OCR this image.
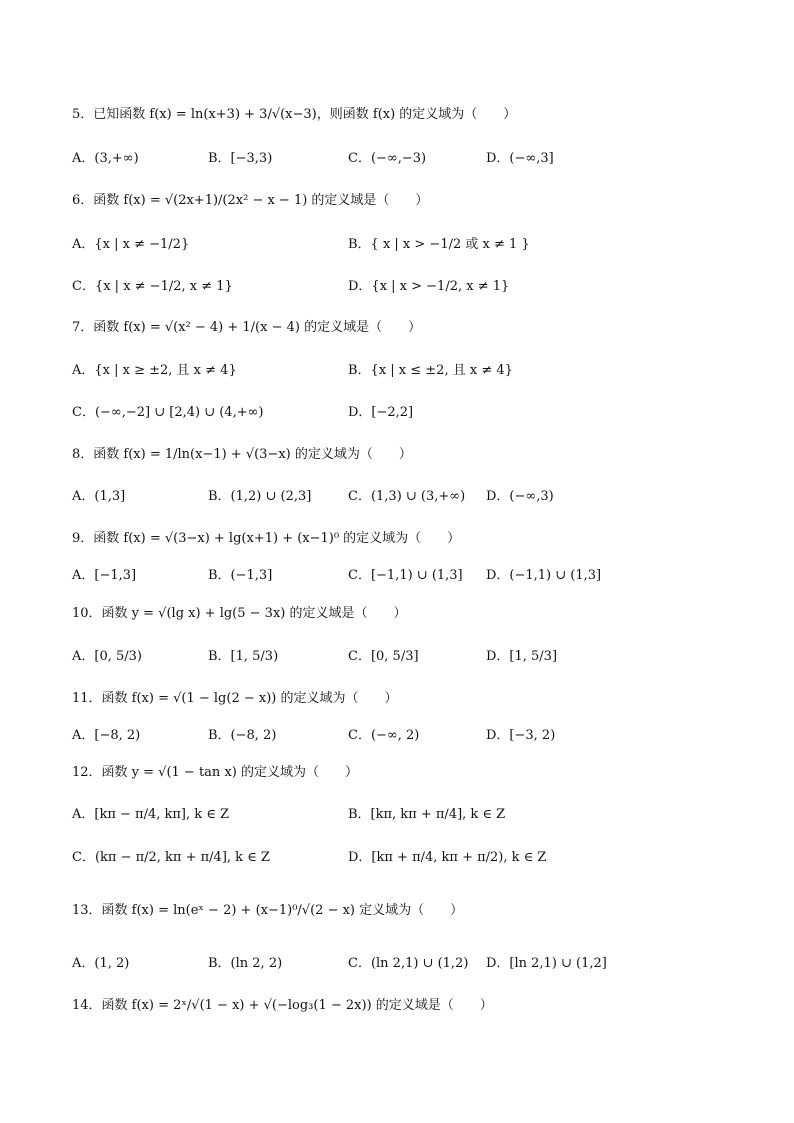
5．已知函数 f(x) = ln(x+3) + 3/√(x−3)，则函数 f(x) 的定义域为（　　）
A．(3,+∞)	B．[−3,3)	C．(−∞,−3)	D．(−∞,3]
6．函数 f(x) = √(2x+1)/(2x² − x − 1) 的定义域是（　　）
A．{x | x ≠ −1/2}	B．{ x | x > −1/2 或 x ≠ 1 }
C．{x | x ≠ −1/2, x ≠ 1}	D．{x | x > −1/2, x ≠ 1}
7．函数 f(x) = √(x² − 4) + 1/(x − 4) 的定义域是（　　）
A．{x | x ≥ ±2, 且 x ≠ 4}	B．{x | x ≤ ±2, 且 x ≠ 4}
C．(−∞,−2] ∪ [2,4) ∪ (4,+∞)	D．[−2,2]
8．函数 f(x) = 1/ln(x−1) + √(3−x) 的定义域为（　　）
A．(1,3]	B．(1,2) ∪ (2,3]	C．(1,3) ∪ (3,+∞) D．(−∞,3)
9．函数 f(x) = √(3−x) + lg(x+1) + (x−1)⁰ 的定义域为（　　）
A．[−1,3]	B．(−1,3]	C．[−1,1) ∪ (1,3] D．(−1,1) ∪ (1,3]
10．函数 y = √(lg x) + lg(5 − 3x) 的定义域是（　　）
A．[0, 5/3)	B．[1, 5/3)	C．[0, 5/3]	D．[1, 5/3]
11．函数 f(x) = √(1 − lg(2 − x)) 的定义域为（　　）
A．[−8, 2)	B．(−8, 2)	C．(−∞, 2)	D．[−3, 2)
12．函数 y = √(1 − tan x) 的定义域为（　　）
A．[kπ − π/4, kπ], k ∈ Z	B．[kπ, kπ + π/4], k ∈ Z
C．(kπ − π/2, kπ + π/4], k ∈ Z	D．[kπ + π/4, kπ + π/2), k ∈ Z
13．函数 f(x) = ln(eˣ − 2) + (x−1)⁰/√(2 − x) 定义域为（　　）
A．(1, 2)	B．(ln 2, 2)	C．(ln 2,1) ∪ (1,2) D．[ln 2,1) ∪ (1,2]
14．函数 f(x) = 2ˣ/√(1 − x) + √(−log₃(1 − 2x)) 的定义域是（　　）
